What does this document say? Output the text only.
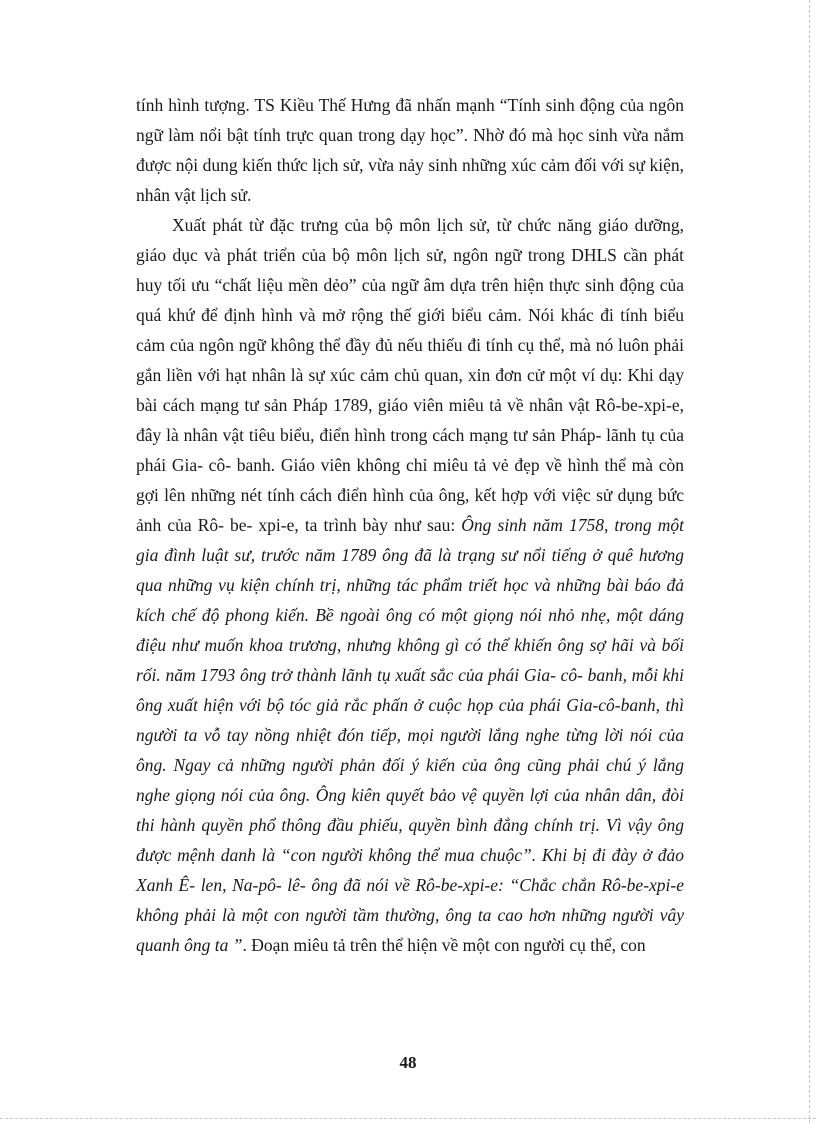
tính hình tượng. TS Kiều Thế Hưng đã nhấn mạnh “Tính sinh động của ngôn ngữ làm nổi bật tính trực quan trong dạy học”. Nhờ đó mà học sinh vừa nắm được nội dung kiến thức lịch sử, vừa nảy sinh những xúc cảm đối với sự kiện, nhân vật lịch sử.

Xuất phát từ đặc trưng của bộ môn lịch sử, từ chức năng giáo dưỡng, giáo dục và phát triển của bộ môn lịch sử, ngôn ngữ trong DHLS cần phát huy tối ưu “chất liệu mền dẻo” của ngữ âm dựa trên hiện thực sinh động của quá khứ để định hình và mở rộng thế giới biểu cảm. Nói khác đi tính biểu cảm của ngôn ngữ không thể đầy đủ nếu thiếu đi tính cụ thể, mà nó luôn phải gắn liền với hạt nhân là sự xúc cảm chủ quan, xin đơn cử một ví dụ: Khi dạy bài cách mạng tư sản Pháp 1789, giáo viên miêu tả về nhân vật Rô-be-xpi-e, đây là nhân vật tiêu biểu, điển hình trong cách mạng tư sản Pháp- lãnh tụ của phái Gia- cô- banh. Giáo viên không chỉ miêu tả vẻ đẹp về hình thể mà còn gợi lên những nét tính cách điển hình của ông, kết hợp với việc sử dụng bức ảnh của Rô- be- xpi-e, ta trình bày như sau: Ông sinh năm 1758, trong một gia đình luật sư, trước năm 1789 ông đã là trạng sư nổi tiếng ở quê hương qua những vụ kiện chính trị, những tác phẩm triết học và những bài báo đả kích chế độ phong kiến. Bề ngoài ông có một giọng nói nhỏ nhẹ, một dáng điệu như muốn khoa trương, nhưng không gì có thể khiến ông sợ hãi và bối rối. năm 1793 ông trở thành lãnh tụ xuất sắc của phái Gia- cô- banh, mỗi khi ông xuất hiện với bộ tóc giả rắc phấn ở cuộc họp của phái Gia-cô-banh, thì người ta vỗ tay nồng nhiệt đón tiếp, mọi người lắng nghe từng lời nói của ông. Ngay cả những người phản đối ý kiến của ông cũng phải chú ý lắng nghe giọng nói của ông. Ông kiên quyết bảo vệ quyền lợi của nhân dân, đòi thi hành quyền phổ thông đầu phiếu, quyền bình đẳng chính trị. Vì vậy ông được mệnh danh là “con người không thể mua chuộc”. Khi bị đi đày ở đảo Xanh Ê- len, Na-pô- lê- ông đã nói về Rô-be-xpi-e: “Chắc chắn Rô-be-xpi-e không phải là một con người tầm thường, ông ta cao hơn những người vây quanh ông ta ”. Đoạn miêu tả trên thể hiện về một con người cụ thể, con

48
